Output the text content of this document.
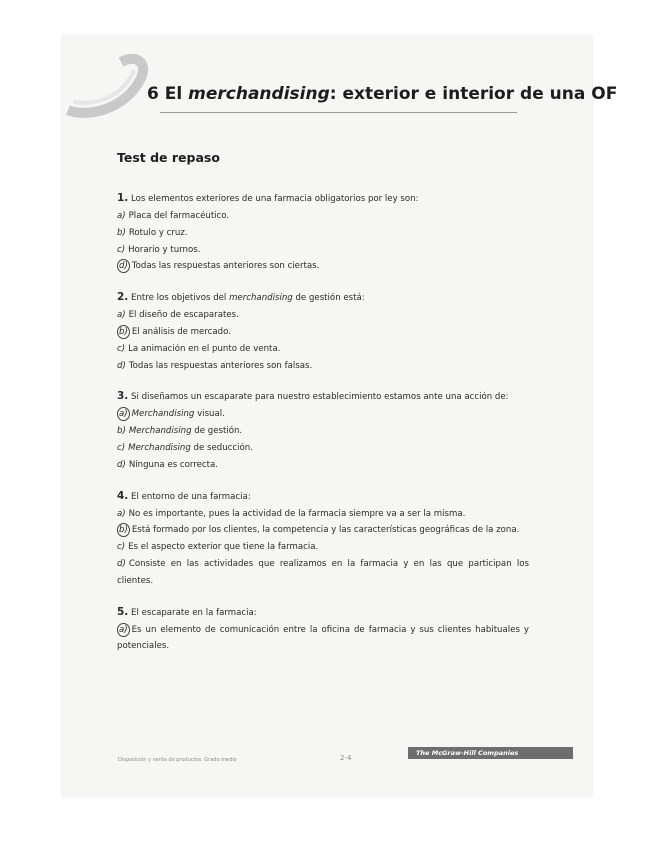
6 El merchandising: exterior e interior de una OF
Test de repaso
1. Los elementos exteriores de una farmacia obligatorios por ley son:
a) Placa del farmacéutico.
b) Rotulo y cruz.
c) Horario y turnos.
d) Todas las respuestas anteriores son ciertas.
2. Entre los objetivos del merchandising de gestión está:
a) El diseño de escaparates.
b) El análisis de mercado.
c) La animación en el punto de venta.
d) Todas las respuestas anteriores son falsas.
3. Si diseñamos un escaparate para nuestro establecimiento estamos ante una acción de:
a) Merchandising visual.
b) Merchandising de gestión.
c) Merchandising de seducción.
d) Ninguna es correcta.
4. El entorno de una farmacia:
a) No es importante, pues la actividad de la farmacia siempre va a ser la misma.
b) Está formado por los clientes, la competencia y las características geográficas de la zona.
c) Es el aspecto exterior que tiene la farmacia.
d) Consiste en las actividades que realizamos en la farmacia y en las que participan los clientes.
5. El escaparate en la farmacia:
a) Es un elemento de comunicación entre la oficina de farmacia y sus clientes habituales y potenciales.
Disposición y venta de productos. Grado medio	2-4
The McGraw-Hill Companies
